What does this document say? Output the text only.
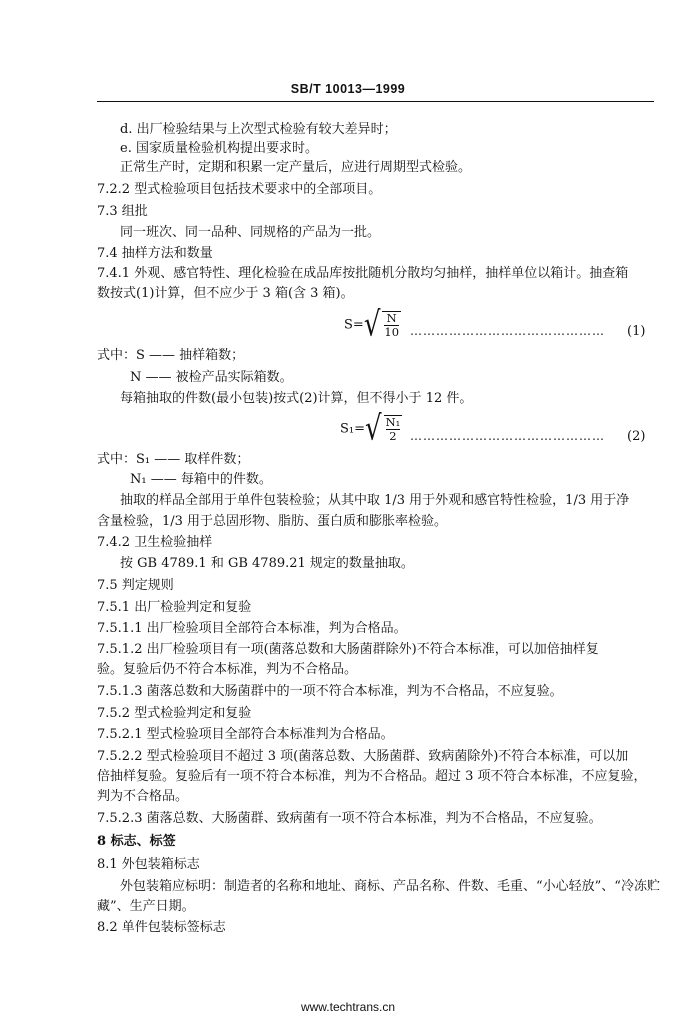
SB/T 10013—1999
d. 出厂检验结果与上次型式检验有较大差异时；
e. 国家质量检验机构提出要求时。
正常生产时，定期和积累一定产量后，应进行周期型式检验。
7.2.2 型式检验项目包括技术要求中的全部项目。
7.3 组批
同一班次、同一品种、同规格的产品为一批。
7.4 抽样方法和数量
7.4.1 外观、感官特性、理化检验在成品库按批随机分散均匀抽样，抽样单位以箱计。抽查箱
数按式(1)计算，但不应少于 3 箱(含 3 箱)。
$S=√ \frac{N}{10}$ ……………………………………… (1)
式中：S —— 抽样箱数；
N —— 被检产品实际箱数。
每箱抽取的件数(最小包装)按式(2)计算，但不得小于 12 件。
$S_1=√ \frac{\text{N₁}}{2}$ ……………………………………… (2)
式中：S₁ —— 取样件数；
N₁ —— 每箱中的件数。
抽取的样品全部用于单件包装检验；从其中取 1/3 用于外观和感官特性检验，1/3 用于净
含量检验，1/3 用于总固形物、脂肪、蛋白质和膨胀率检验。
7.4.2 卫生检验抽样
按 GB 4789.1 和 GB 4789.21 规定的数量抽取。
7.5 判定规则
7.5.1 出厂检验判定和复验
7.5.1.1 出厂检验项目全部符合本标准，判为合格品。
7.5.1.2 出厂检验项目有一项(菌落总数和大肠菌群除外)不符合本标准，可以加倍抽样复
验。复验后仍不符合本标准，判为不合格品。
7.5.1.3 菌落总数和大肠菌群中的一项不符合本标准，判为不合格品，不应复验。
7.5.2 型式检验判定和复验
7.5.2.1 型式检验项目全部符合本标准判为合格品。
7.5.2.2 型式检验项目不超过 3 项(菌落总数、大肠菌群、致病菌除外)不符合本标准，可以加
倍抽样复验。复验后有一项不符合本标准，判为不合格品。超过 3 项不符合本标准，不应复验，
判为不合格品。
7.5.2.3 菌落总数、大肠菌群、致病菌有一项不符合本标准，判为不合格品，不应复验。
8 标志、标签
8.1 外包装箱标志
外包装箱应标明：制造者的名称和地址、商标、产品名称、件数、毛重、“小心轻放”、“冷冻贮
藏”、生产日期。
8.2 单件包装标签标志
www.techtrans.cn
